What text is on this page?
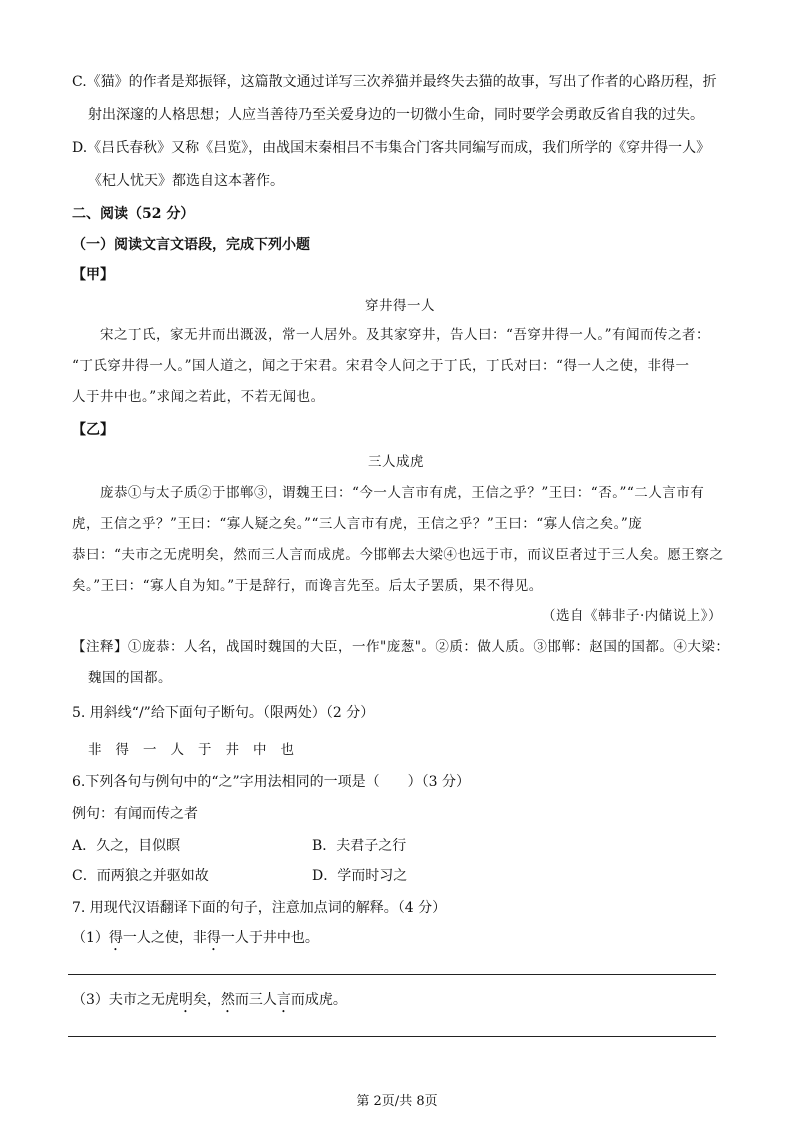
C.《猫》的作者是郑振铎，这篇散文通过详写三次养猫并最终失去猫的故事，写出了作者的心路历程，折
射出深邃的人格思想；人应当善待乃至关爱身边的一切微小生命，同时要学会勇敢反省自我的过失。
D.《吕氏春秋》又称《吕览》，由战国末秦相吕不韦集合门客共同编写而成，我们所学的《穿井得一人》
《杞人忧天》都选自这本著作。
二、阅读（52 分）
（一）阅读文言文语段，完成下列小题
【甲】
穿井得一人
宋之丁氏，家无井而出溉汲，常一人居外。及其家穿井，告人曰：“吾穿井得一人。”有闻而传之者：
“丁氏穿井得一人。”国人道之，闻之于宋君。宋君令人问之于丁氏，丁氏对曰：“得一人之使，非得一
人于井中也。”求闻之若此，不若无闻也。
【乙】
三人成虎
庞恭①与太子质②于邯郸③，谓魏王曰：“今一人言市有虎，王信之乎？”王曰：“否。”“二人言市有
虎，王信之乎？”王曰：“寡人疑之矣。”“三人言市有虎，王信之乎？”王曰：“寡人信之矣。”庞
恭曰：“夫市之无虎明矣，然而三人言而成虎。今邯郸去大梁④也远于市，而议臣者过于三人矣。愿王察之
矣。”王曰：“寡人自为知。”于是辞行，而谗言先至。后太子罢质，果不得见。
（选自《韩非子·内储说上》）
【注释】①庞恭：人名，战国时魏国的大臣，一作"庞葱"。②质：做人质。③邯郸：赵国的国都。④大梁：
魏国的国都。
5. 用斜线“/”给下面句子断句。（限两处）（2 分）
非得一人于井中也
6.下列各句与例句中的“之”字用法相同的一项是（　　）（3 分）
例句：有闻而传之者
A．久之，目似瞑	B．夫君子之行
C．而两狼之并驱如故	D．学而时习之
7. 用现代汉语翻译下面的句子，注意加点词的解释。（4 分）
（1）得一人之使，非得一人于井中也。
（3）夫市之无虎明矣，然而三人言而成虎。
第 2页/共 8页
